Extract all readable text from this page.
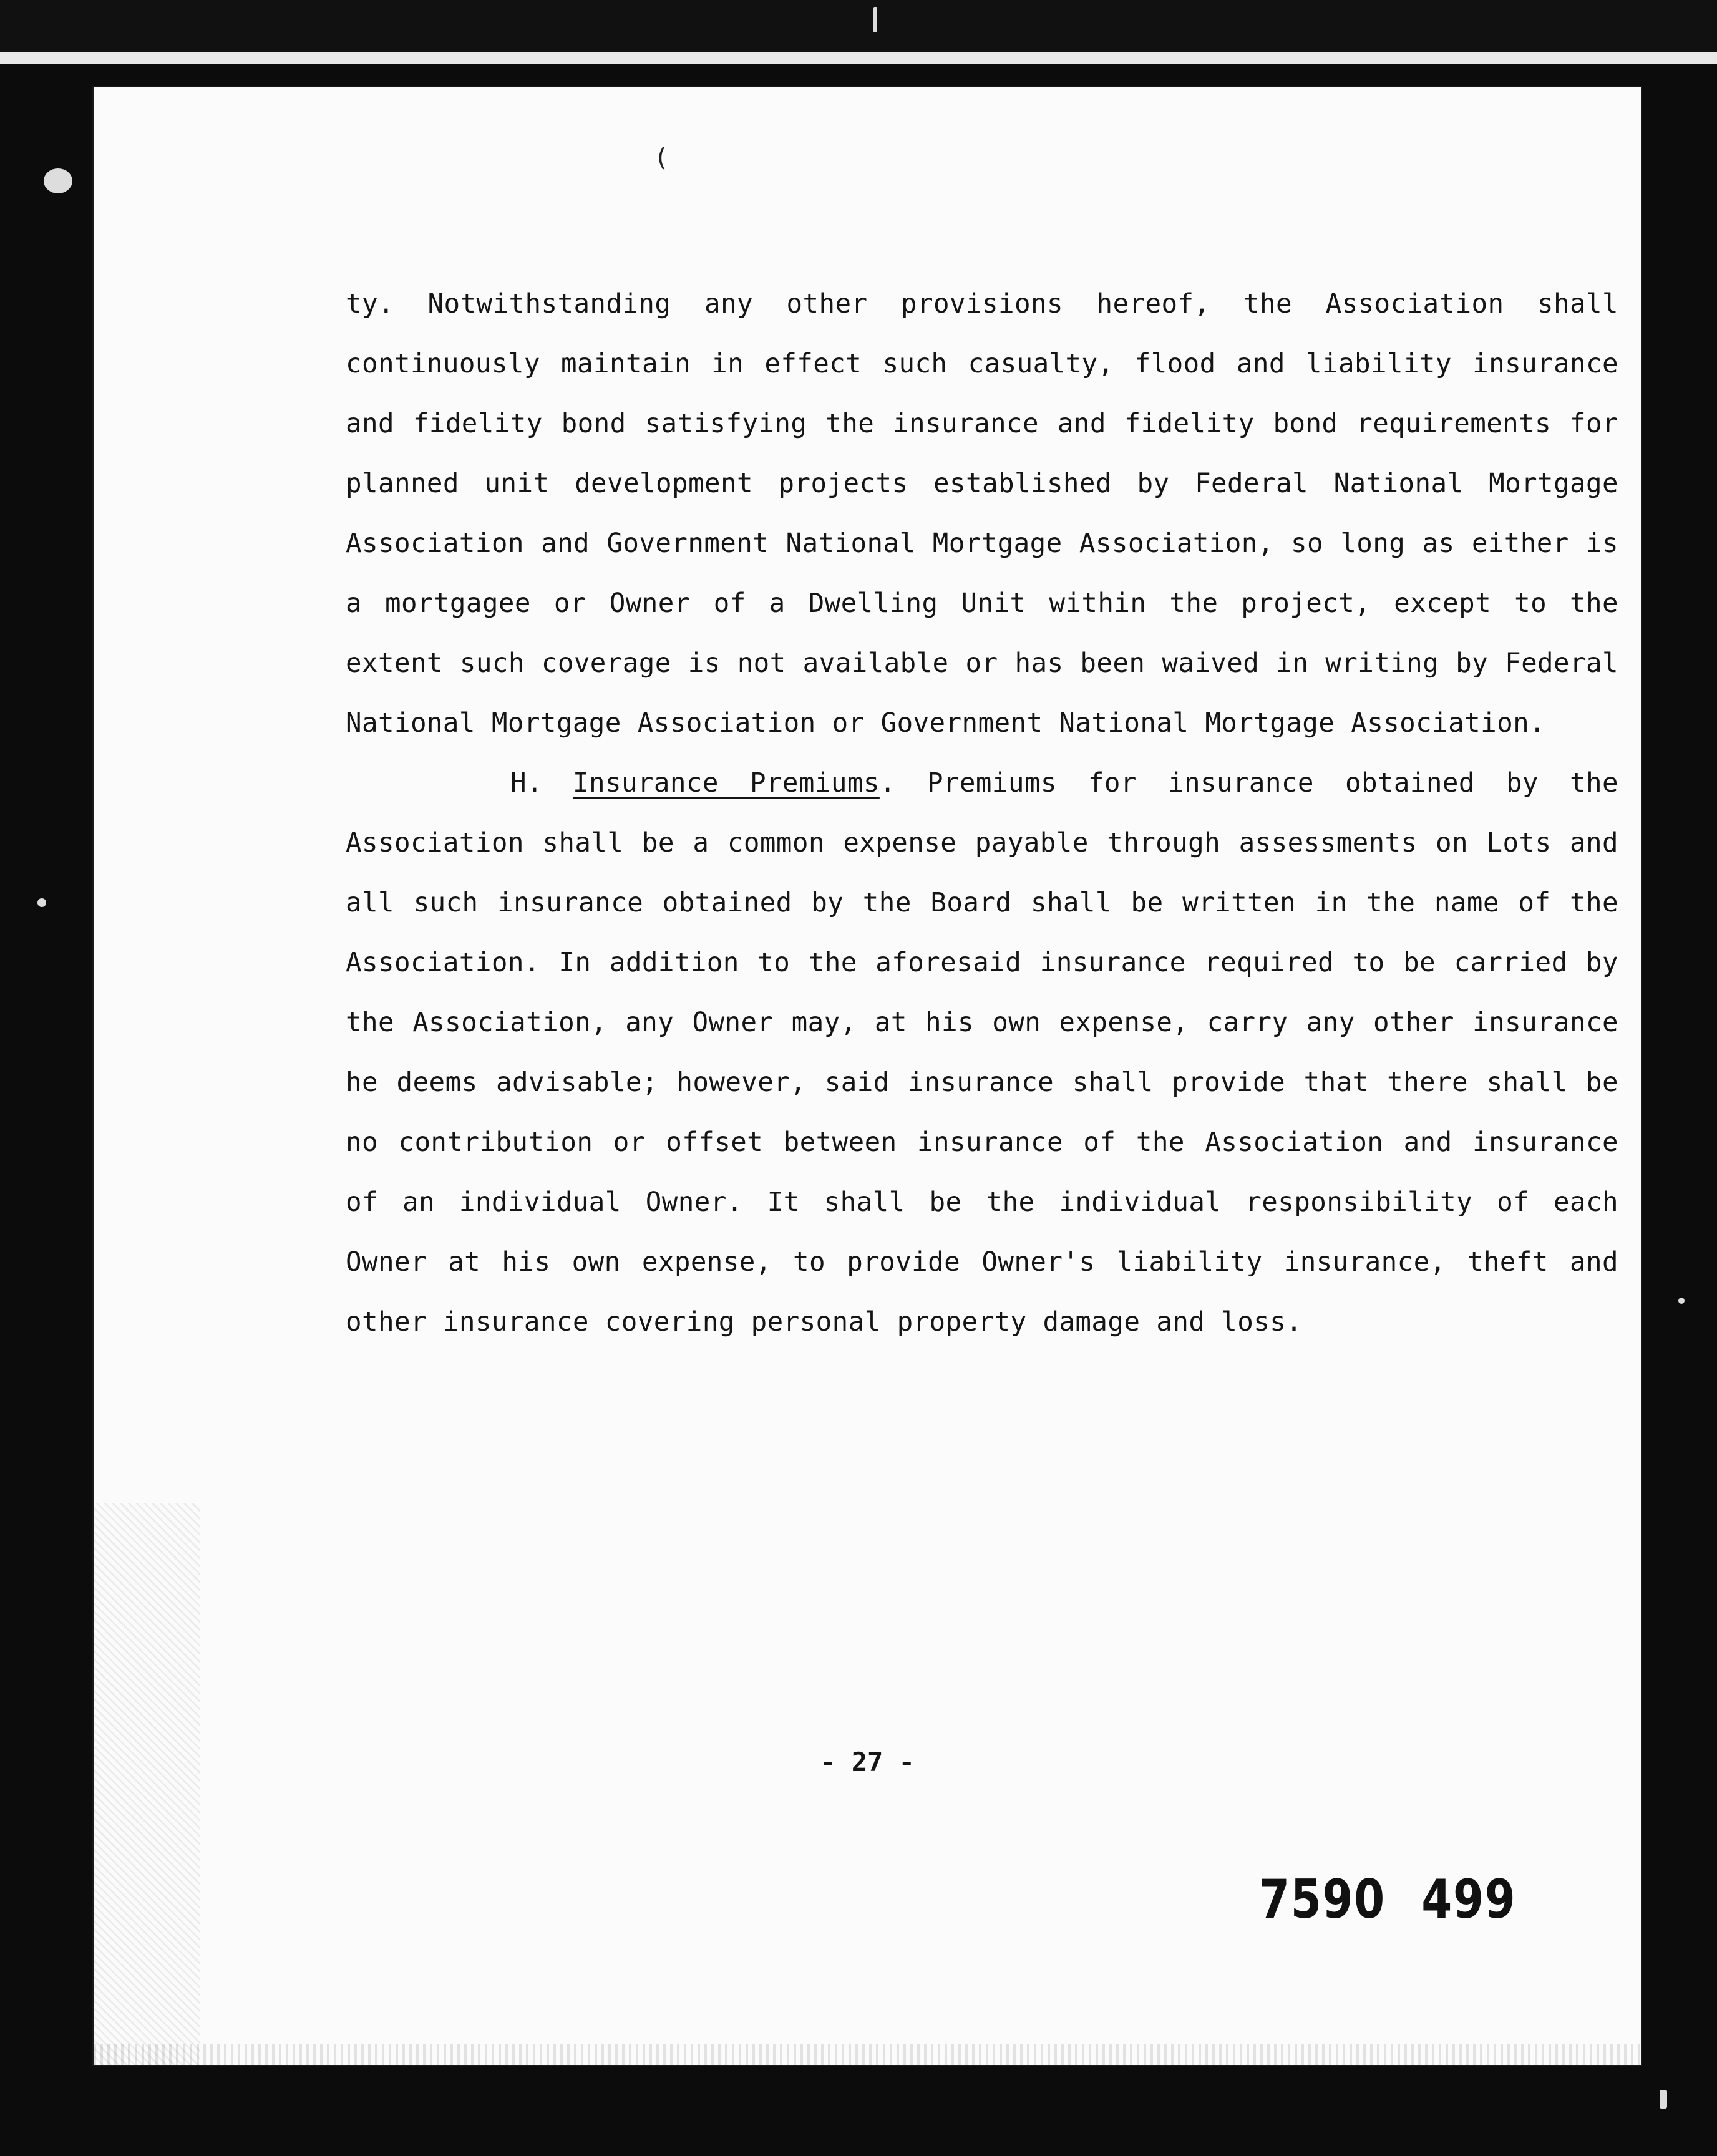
(

ty. Notwithstanding any other provisions hereof, the Association shall continuously maintain in effect such casualty, flood and liability insurance and fidelity bond satisfying the insurance and fidelity bond requirements for planned unit development projects established by Federal National Mortgage Association and Government National Mortgage Association, so long as either is a mortgagee or Owner of a Dwelling Unit within the project, except to the extent such coverage is not available or has been waived in writing by Federal National Mortgage Association or Government National Mortgage Association.

H. Insurance Premiums. Premiums for insurance obtained by the Association shall be a common expense payable through assessments on Lots and all such insurance obtained by the Board shall be written in the name of the Association. In addition to the aforesaid insurance required to be carried by the Association, any Owner may, at his own expense, carry any other insurance he deems advisable; however, said insurance shall provide that there shall be no contribution or offset between insurance of the Association and insurance of an individual Owner. It shall be the individual responsibility of each Owner at his own expense, to provide Owner's liability insurance, theft and other insurance covering personal property damage and loss.

- 27 -
7590 499
